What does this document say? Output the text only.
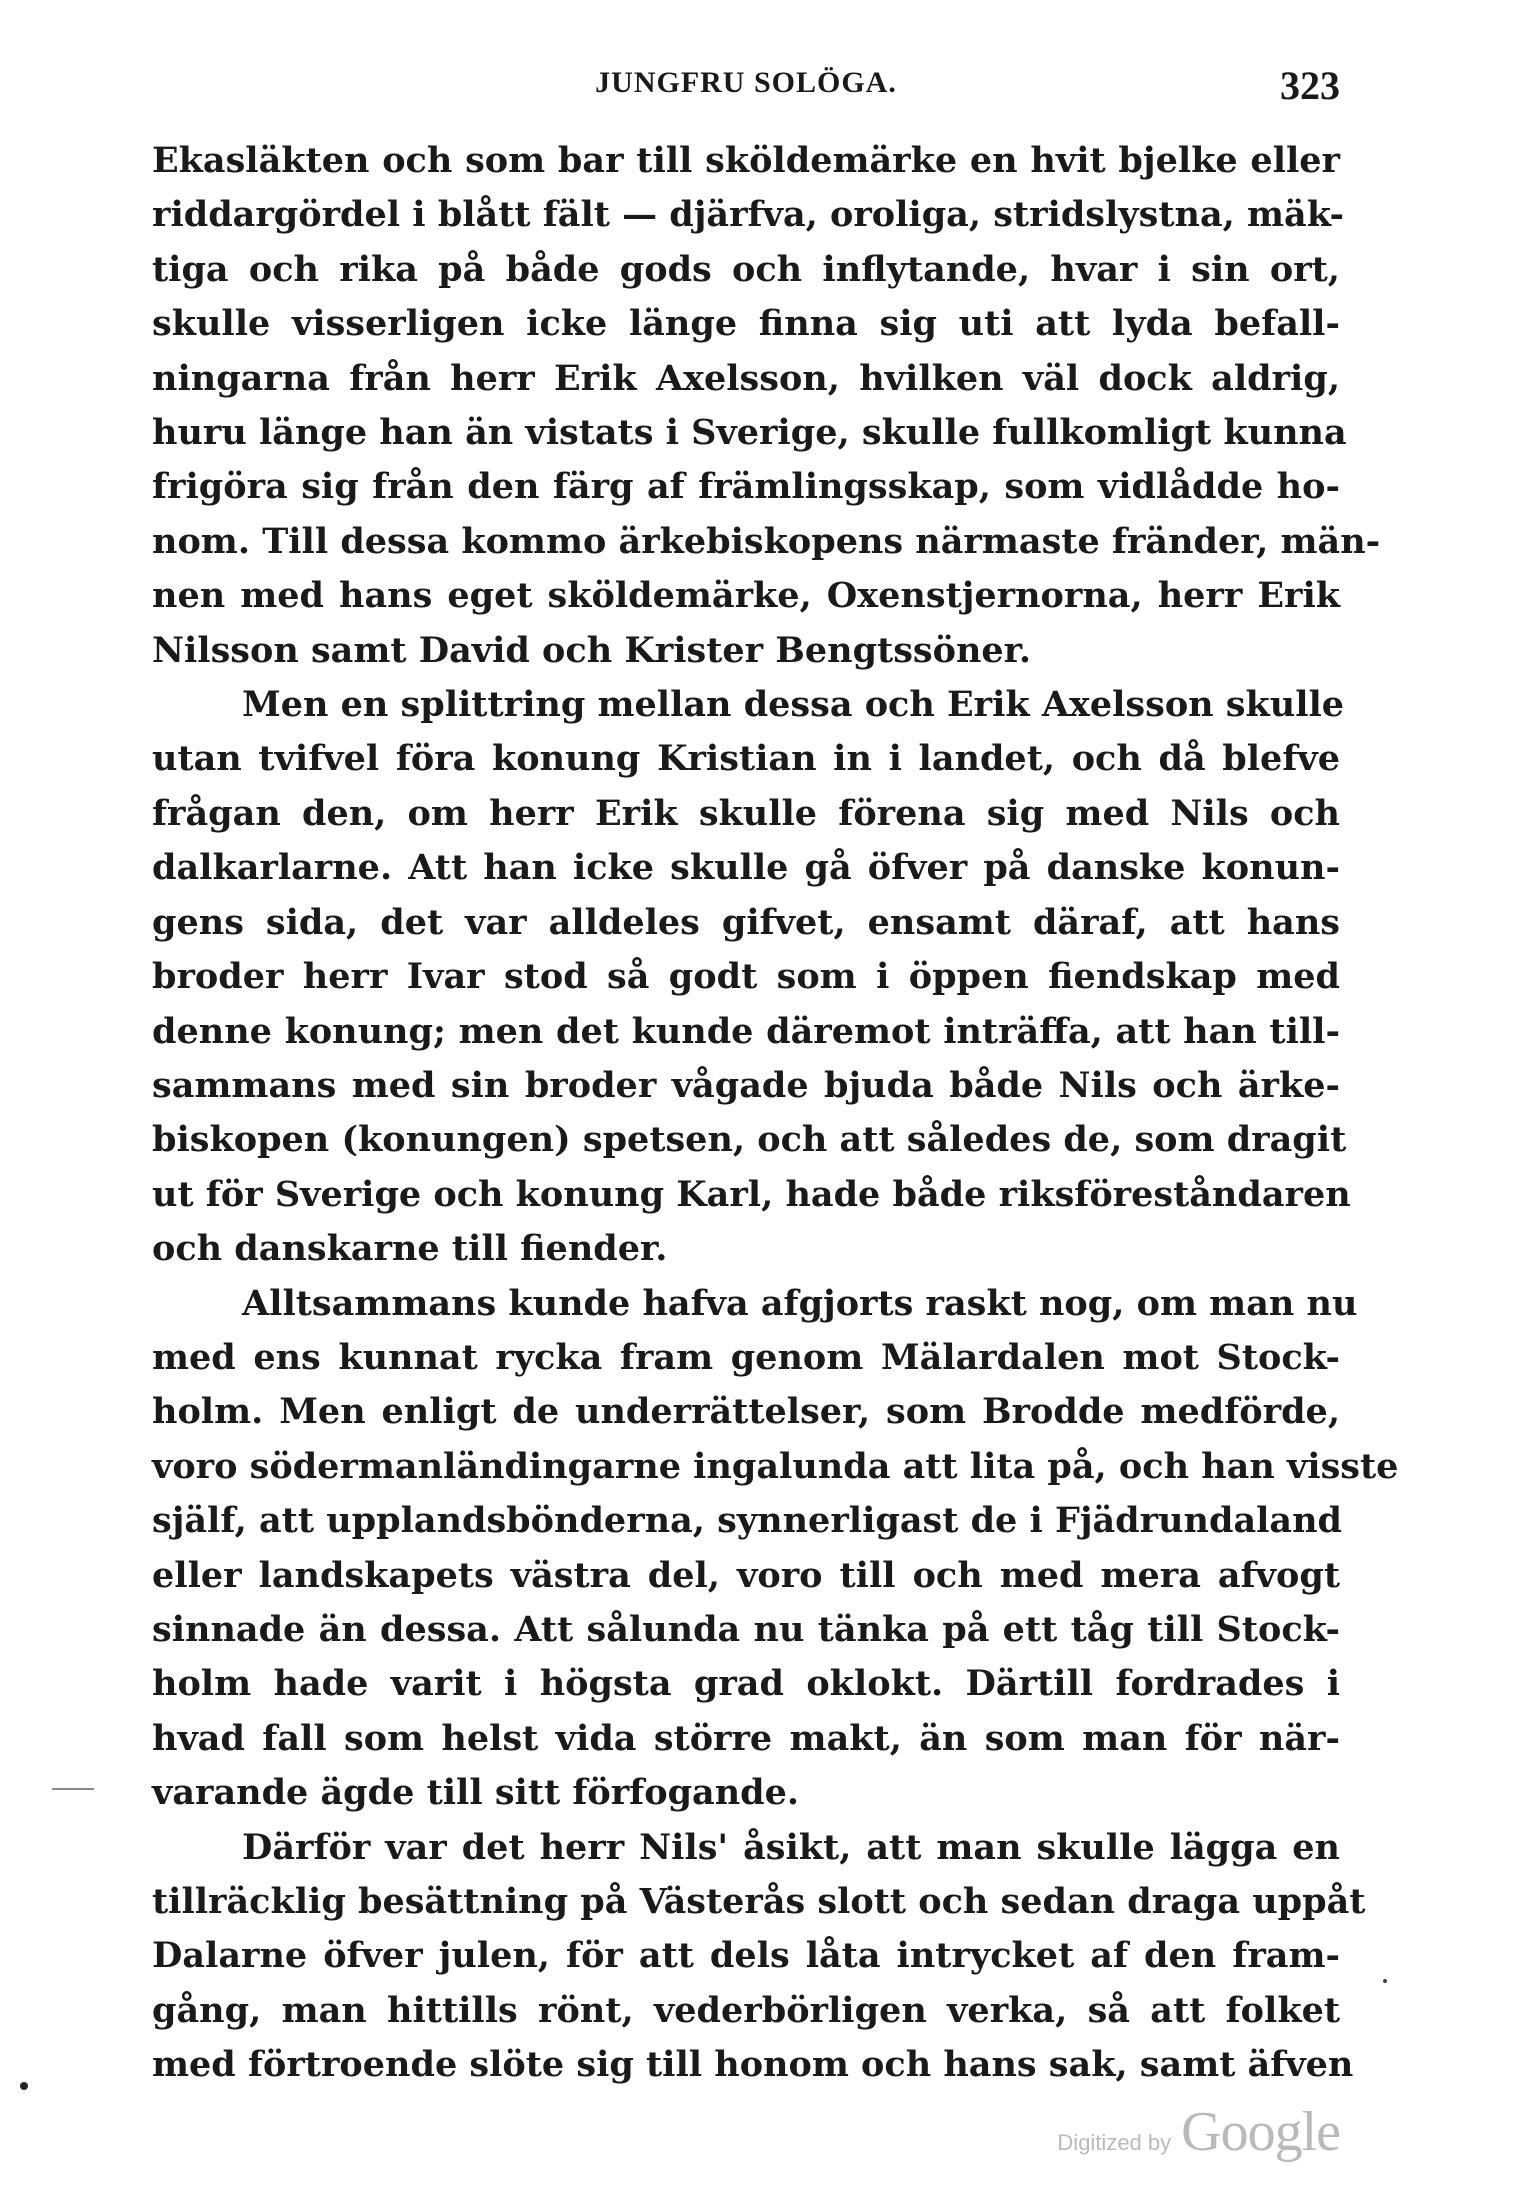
JUNGFRU SOLÖGA.	323

Ekasläkten och som bar till sköldemärke en hvit bjelke eller
riddargördel i blått fält — djärfva, oroliga, stridslystna, mäk-
tiga och rika på både gods och inflytande, hvar i sin ort,
skulle visserligen icke länge finna sig uti att lyda befall-
ningarna från herr Erik Axelsson, hvilken väl dock aldrig,
huru länge han än vistats i Sverige, skulle fullkomligt kunna
frigöra sig från den färg af främlingsskap, som vidlådde ho-
nom. Till dessa kommo ärkebiskopens närmaste fränder, män-
nen med hans eget sköldemärke, Oxenstjernorna, herr Erik
Nilsson samt David och Krister Bengtssöner.

Men en splittring mellan dessa och Erik Axelsson skulle
utan tvifvel föra konung Kristian in i landet, och då blefve
frågan den, om herr Erik skulle förena sig med Nils och
dalkarlarne. Att han icke skulle gå öfver på danske konun-
gens sida, det var alldeles gifvet, ensamt däraf, att hans
broder herr Ivar stod så godt som i öppen fiendskap med
denne konung; men det kunde däremot inträffa, att han till-
sammans med sin broder vågade bjuda både Nils och ärke-
biskopen (konungen) spetsen, och att således de, som dragit
ut för Sverige och konung Karl, hade både riksföreståndaren
och danskarne till fiender.

Alltsammans kunde hafva afgjorts raskt nog, om man nu
med ens kunnat rycka fram genom Mälardalen mot Stock-
holm. Men enligt de underrättelser, som Brodde medförde,
voro södermanländingarne ingalunda att lita på, och han visste
själf, att upplandsbönderna, synnerligast de i Fjädrundaland
eller landskapets västra del, voro till och med mera afvogt
sinnade än dessa. Att sålunda nu tänka på ett tåg till Stock-
holm hade varit i högsta grad oklokt. Därtill fordrades i
hvad fall som helst vida större makt, än som man för när-
varande ägde till sitt förfogande.

Därför var det herr Nils' åsikt, att man skulle lägga en
tillräcklig besättning på Västerås slott och sedan draga uppåt
Dalarne öfver julen, för att dels låta intrycket af den fram-
gång, man hittills rönt, vederbörligen verka, så att folket
med förtroende slöte sig till honom och hans sak, samt äfven

Digitized by Google
